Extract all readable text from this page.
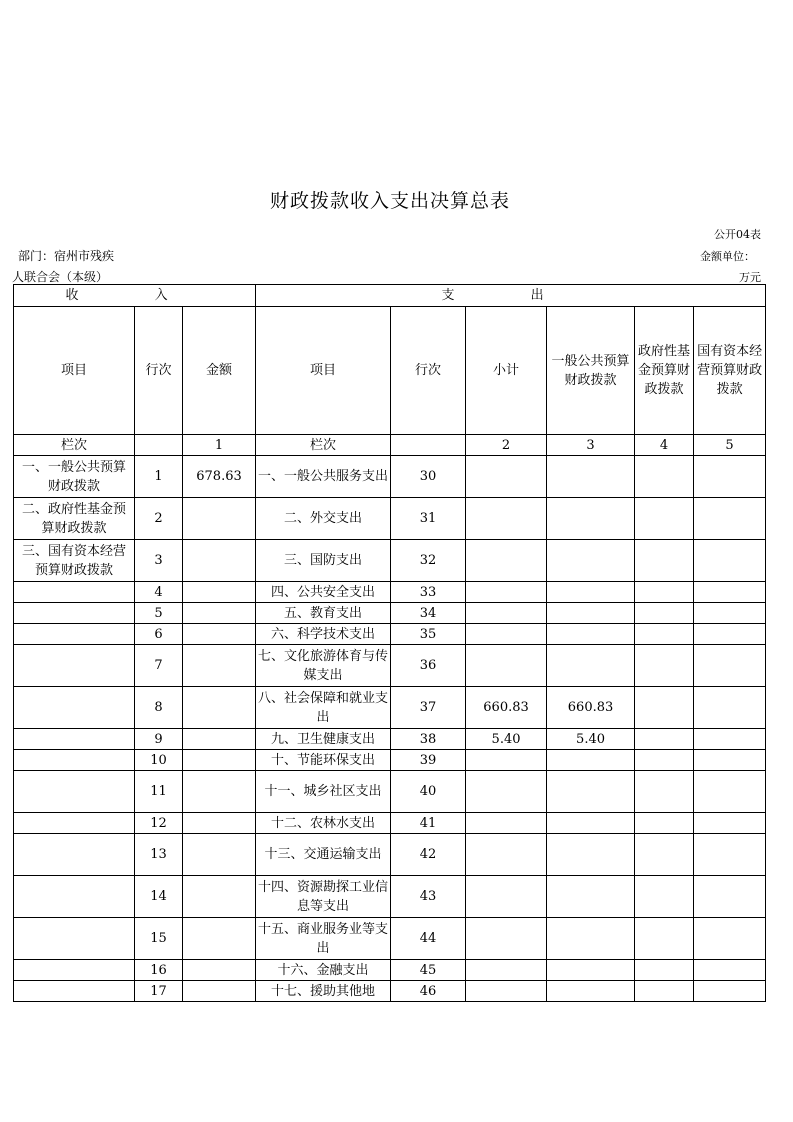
财政拨款收入支出决算总表
公开04表
部门：宿州市残疾
人联合会（本级）
金额单位：
万元
收 入			支 出					
项目	行次	金额	项目	行次	小计	一般公共预算财政拨款	政府性基金预算财政拨款	国有资本经营预算财政拨款
栏次		1	栏次		2	3	4	5
一、一般公共预算财政拨款	1	678.63	一、一般公共服务支出	30				
二、政府性基金预算财政拨款	2		二、外交支出	31				
三、国有资本经营预算财政拨款	3		三、国防支出	32				
	4		四、公共安全支出	33				
	5		五、教育支出	34				
	6		六、科学技术支出	35				
	7		七、文化旅游体育与传媒支出	36				
	8		八、社会保障和就业支出	37	660.83	660.83		
	9		九、卫生健康支出	38	5.40	5.40		
	10		十、节能环保支出	39				
	11		十一、城乡社区支出	40				
	12		十二、农林水支出	41				
	13		十三、交通运输支出	42				
	14		十四、资源勘探工业信息等支出	43				
	15		十五、商业服务业等支出	44				
	16		十六、金融支出	45				
	17		十七、援助其他地	46				
